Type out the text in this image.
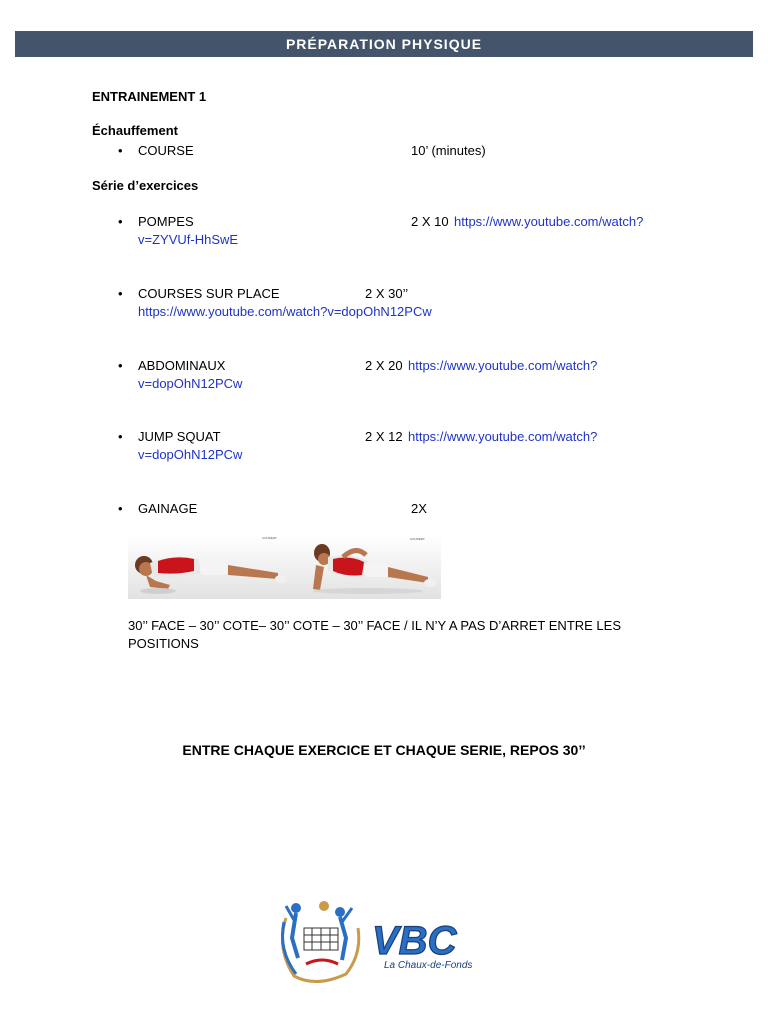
PRÉPARATION PHYSIQUE
ENTRAINEMENT 1
Échauffement
• COURSE	10’ (minutes)
Série d’exercices
• POMPES	2 X 10 https://www.youtube.com/watch?
v=ZYVUf-HhSwE
• COURSES SUR PLACE	2 X 30’’
https://www.youtube.com/watch?v=dopOhN12PCw
• ABDOMINAUX	2 X 20 https://www.youtube.com/watch?
v=dopOhN12PCw
• JUMP SQUAT	2 X 12 https://www.youtube.com/watch?
v=dopOhN12PCw
• GAINAGE	2X
COUDERT	COUDERT
30’’ FACE – 30’’ COTE– 30’’ COTE – 30’’ FACE / IL N’Y A PAS D’ARRET ENTRE LES
POSITIONS
ENTRE CHAQUE EXERCICE ET CHAQUE SERIE, REPOS 30’’
VBC
La Chaux-de-Fonds
